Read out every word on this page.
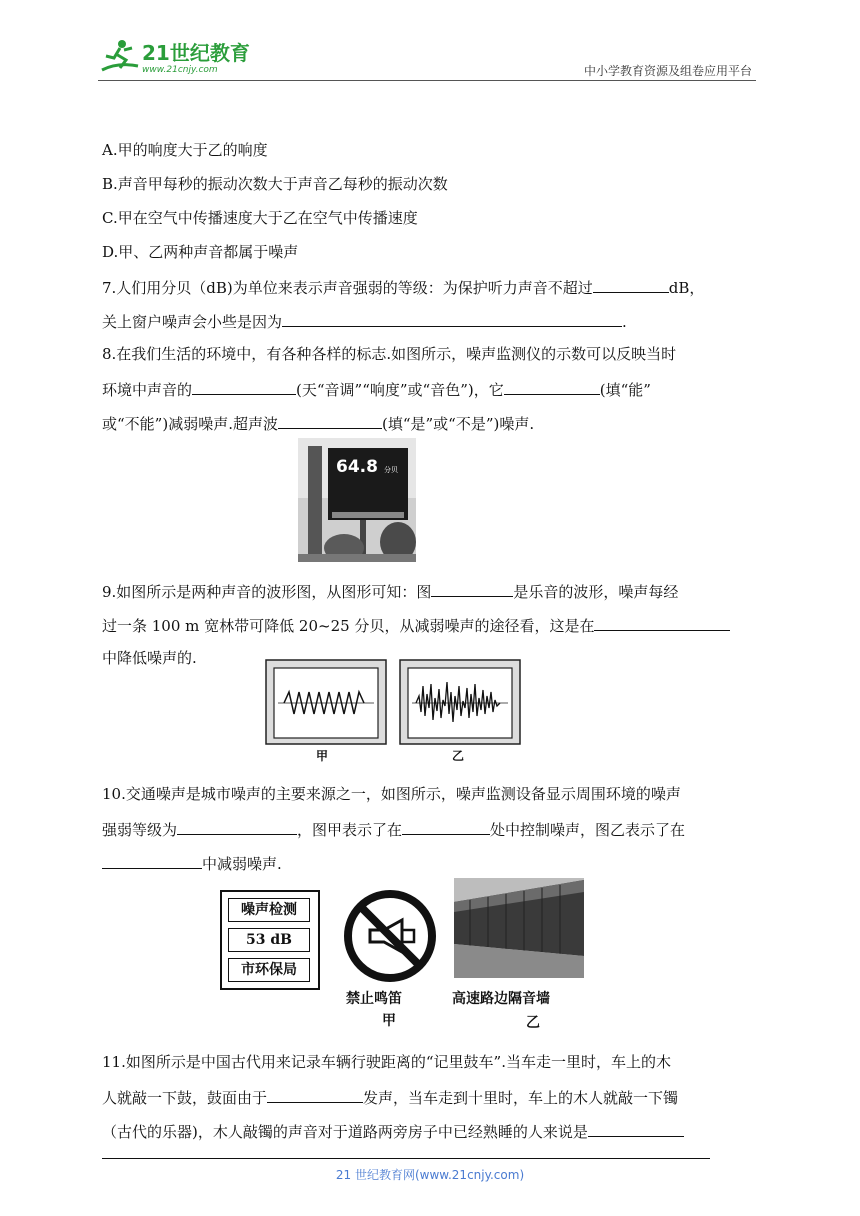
21世纪教育
www.21cnjy.com	中小学教育资源及组卷应用平台
A.甲的响度大于乙的响度
B.声音甲每秒的振动次数大于声音乙每秒的振动次数
C.甲在空气中传播速度大于乙在空气中传播速度
D.甲、乙两种声音都属于噪声
7.人们用分贝（dB)为单位来表示声音强弱的等级：为保护听力声音不超过	dB，
关上窗户噪声会小些是因为	.
8.在我们生活的环境中，有各种各样的标志.如图所示，噪声监测仪的示数可以反映当时
环境中声音的	(天“音调”“响度”或“音色”)，它	(填“能”
或“不能”)减弱噪声.超声波	(填“是”或“不是”)噪声.
64.8 分贝
9.如图所示是两种声音的波形图，从图形可知：图	是乐音的波形，噪声每经
过一条 100 m 宽林带可降低 20~25 分贝，从减弱噪声的途径看，这是在
中降低噪声的.
甲	乙
10.交通噪声是城市噪声的主要来源之一，如图所示，噪声监测设备显示周围环境的噪声
强弱等级为	，图甲表示了在	处中控制噪声，图乙表示了在
中减弱噪声.
噪声检测
53 dB
市环保局
禁止鸣笛
甲
高速路边隔音墙
乙
11.如图所示是中国古代用来记录车辆行驶距离的“记里鼓车”.当车走一里时，车上的木
人就敲一下鼓，鼓面由于	发声，当车走到十里时，车上的木人就敲一下镯
（古代的乐器)，木人敲镯的声音对于道路两旁房子中已经熟睡的人来说是
21 世纪教育网(www.21cnjy.com)
